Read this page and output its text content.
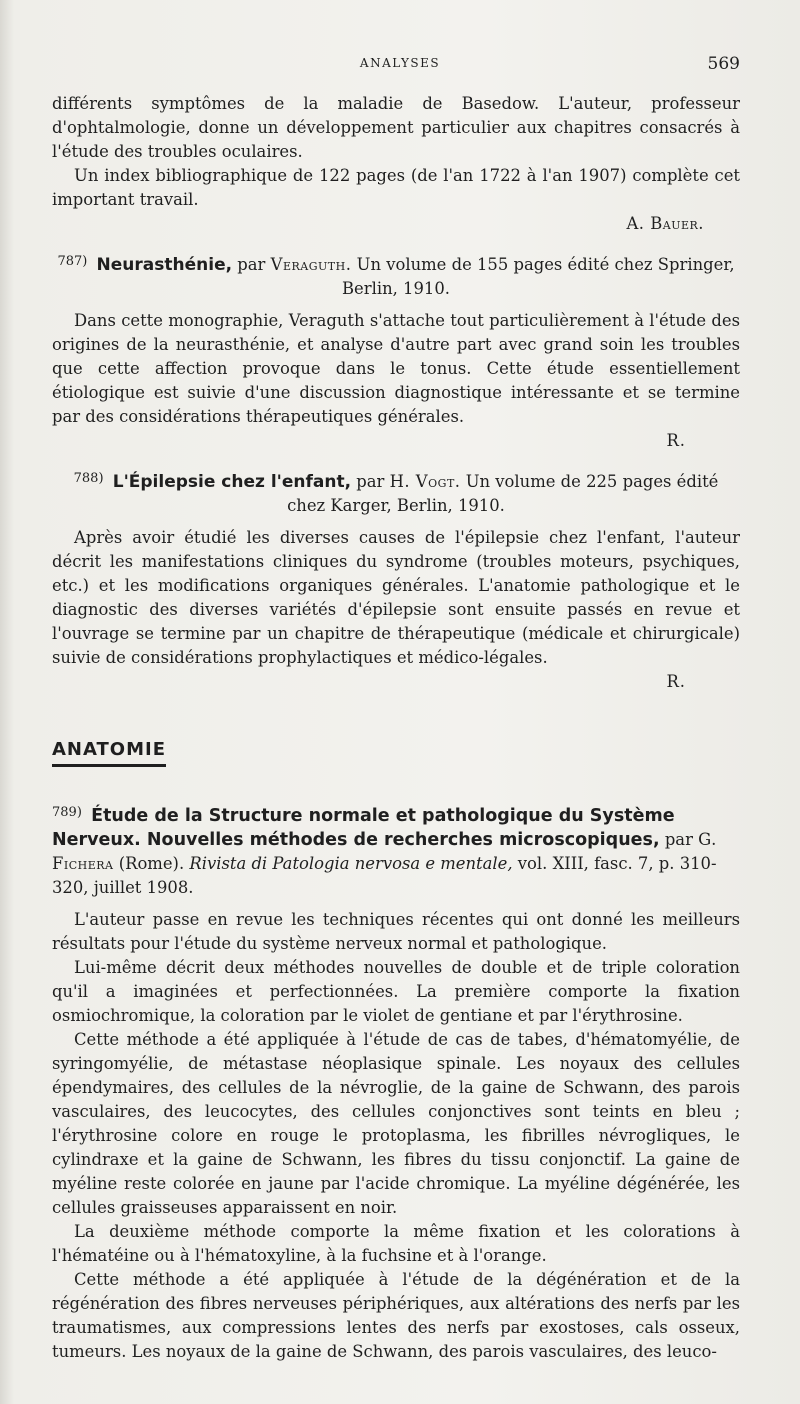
ANALYSES	569

différents symptômes de la maladie de Basedow. L'auteur, professeur d'ophtalmologie, donne un développement particulier aux chapitres consacrés à l'étude des troubles oculaires.

Un index bibliographique de 122 pages (de l'an 1722 à l'an 1907) complète cet important travail.

A. Bauer.
$^{787)}$ Neurasthénie, par Veraguth. Un volume de 155 pages édité chez Springer, Berlin, 1910.

Dans cette monographie, Veraguth s'attache tout particulièrement à l'étude des origines de la neurasthénie, et analyse d'autre part avec grand soin les troubles que cette affection provoque dans le tonus. Cette étude essentiellement étiologique est suivie d'une discussion diagnostique intéressante et se termine par des considérations thérapeutiques générales.

R.
$^{788)}$ L'Épilepsie chez l'enfant, par H. Vogt. Un volume de 225 pages édité chez Karger, Berlin, 1910.

Après avoir étudié les diverses causes de l'épilepsie chez l'enfant, l'auteur décrit les manifestations cliniques du syndrome (troubles moteurs, psychiques, etc.) et les modifications organiques générales. L'anatomie pathologique et le diagnostic des diverses variétés d'épilepsie sont ensuite passés en revue et l'ouvrage se termine par un chapitre de thérapeutique (médicale et chirurgicale) suivie de considérations prophylactiques et médico-légales.

R.
ANATOMIE

$^{789)}$ Étude de la Structure normale et pathologique du Système Nerveux. Nouvelles méthodes de recherches microscopiques, par G. Fichera (Rome). Rivista di Patologia nervosa e mentale, vol. XIII, fasc. 7, p. 310-320, juillet 1908.

L'auteur passe en revue les techniques récentes qui ont donné les meilleurs résultats pour l'étude du système nerveux normal et pathologique.

Lui-même décrit deux méthodes nouvelles de double et de triple coloration qu'il a imaginées et perfectionnées. La première comporte la fixation osmiochromique, la coloration par le violet de gentiane et par l'érythrosine.

Cette méthode a été appliquée à l'étude de cas de tabes, d'hématomyélie, de syringomyélie, de métastase néoplasique spinale. Les noyaux des cellules épendymaires, des cellules de la névroglie, de la gaine de Schwann, des parois vasculaires, des leucocytes, des cellules conjonctives sont teints en bleu ; l'érythrosine colore en rouge le protoplasma, les fibrilles névrogliques, le cylindraxe et la gaine de Schwann, les fibres du tissu conjonctif. La gaine de myéline reste colorée en jaune par l'acide chromique. La myéline dégénérée, les cellules graisseuses apparaissent en noir.

La deuxième méthode comporte la même fixation et les colorations à l'hématéine ou à l'hématoxyline, à la fuchsine et à l'orange.

Cette méthode a été appliquée à l'étude de la dégénération et de la régénération des fibres nerveuses périphériques, aux altérations des nerfs par les traumatismes, aux compressions lentes des nerfs par exostoses, cals osseux, tumeurs. Les noyaux de la gaine de Schwann, des parois vasculaires, des leuco-
